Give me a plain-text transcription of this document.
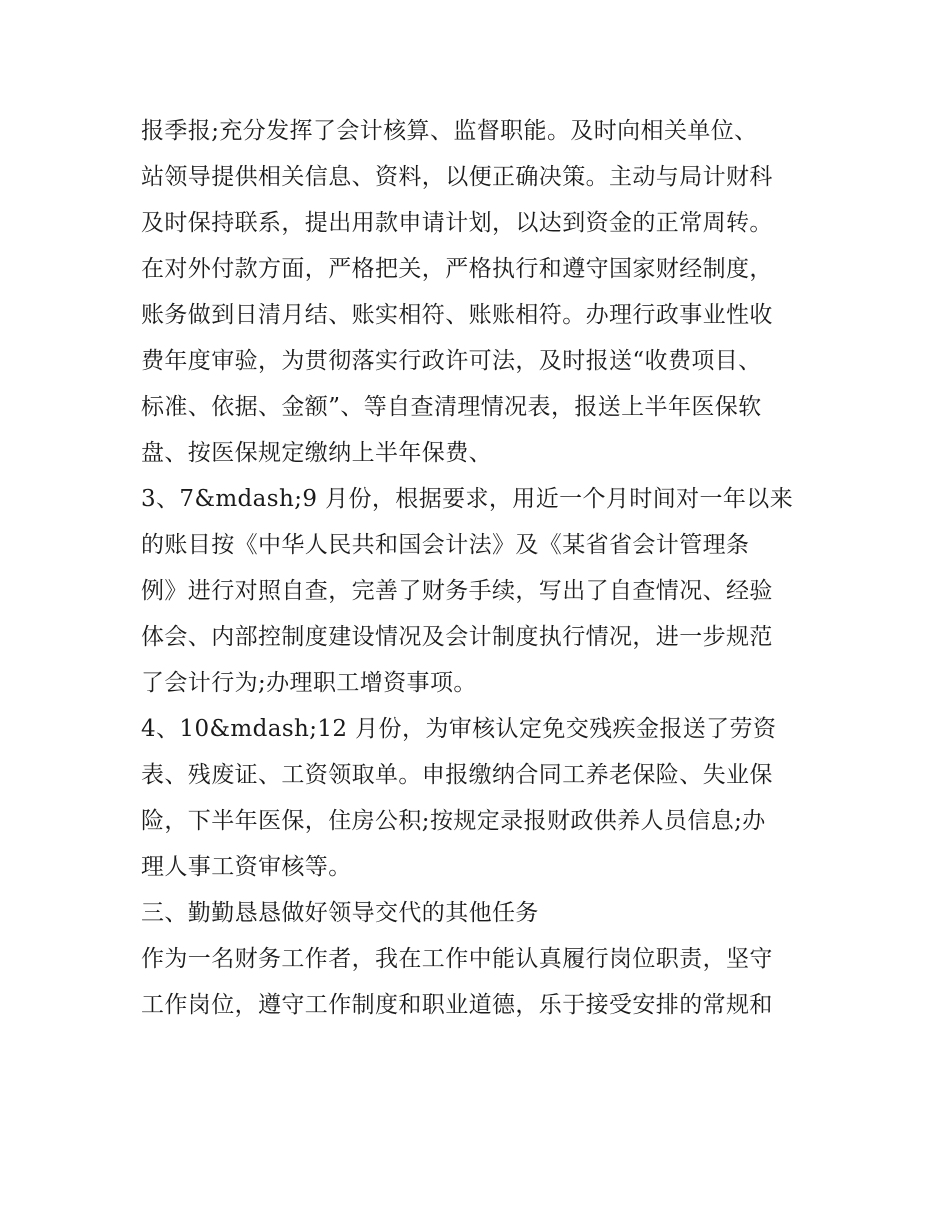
报季报;充分发挥了会计核算、监督职能。及时向相关单位、
站领导提供相关信息、资料，以便正确决策。主动与局计财科
及时保持联系，提出用款申请计划，以达到资金的正常周转。
在对外付款方面，严格把关，严格执行和遵守国家财经制度，
账务做到日清月结、账实相符、账账相符。办理行政事业性收
费年度审验，为贯彻落实行政许可法，及时报送“收费项目、
标准、依据、金额”、等自查清理情况表，报送上半年医保软
盘、按医保规定缴纳上半年保费、
3、7&mdash;9 月份，根据要求，用近一个月时间对一年以来
的账目按《中华人民共和国会计法》及《某省省会计管理条
例》进行对照自查，完善了财务手续，写出了自查情况、经验
体会、内部控制度建设情况及会计制度执行情况，进一步规范
了会计行为;办理职工增资事项。
4、10&mdash;12 月份，为审核认定免交残疾金报送了劳资
表、残废证、工资领取单。申报缴纳合同工养老保险、失业保
险，下半年医保，住房公积;按规定录报财政供养人员信息;办
理人事工资审核等。
三、勤勤恳恳做好领导交代的其他任务
作为一名财务工作者，我在工作中能认真履行岗位职责，坚守
工作岗位，遵守工作制度和职业道德，乐于接受安排的常规和
